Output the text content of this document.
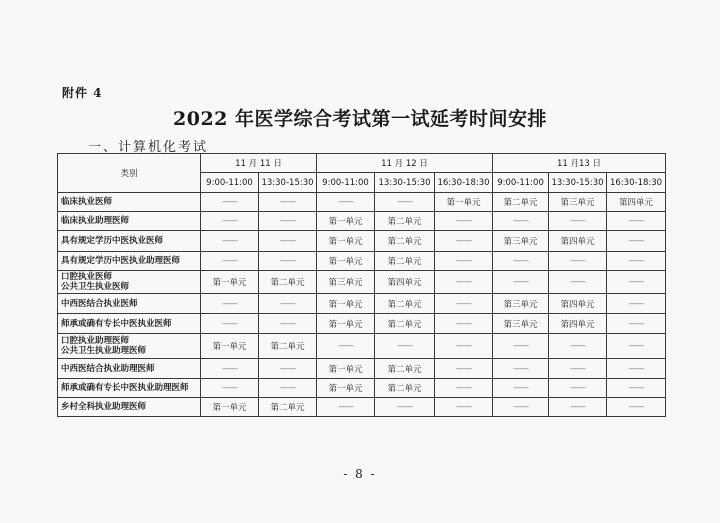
附件 4
2022 年医学综合考试第一试延考时间安排
一、计算机化考试
类别	11 月 11 日		11 月 12 日			11 月13 日		
	9:00-11:00	13:30-15:30	9:00-11:00	13:30-15:30	16:30-18:30	9:00-11:00	13:30-15:30	16:30-18:30

临床执业医师	——	——	——	——	第一单元	第二单元	第三单元	第四单元

临床执业助理医师	——	——	第一单元	第二单元	——	——	——	——

具有规定学历中医执业医师	——	——	第一单元	第二单元	——	第三单元	第四单元	——

具有规定学历中医执业助理医师	——	——	第一单元	第二单元	——	——	——	——

口腔执业医师
公共卫生执业医师	第一单元	第二单元	第三单元	第四单元	——	——	——	——

中西医结合执业医师	——	——	第一单元	第二单元	——	第三单元	第四单元	——

师承或确有专长中医执业医师	——	——	第一单元	第二单元	——	第三单元	第四单元	——

口腔执业助理医师
公共卫生执业助理医师	第一单元	第二单元	——	——	——	——	——	——

中西医结合执业助理医师	——	——	第一单元	第二单元	——	——	——	——

师承或确有专长中医执业助理医师	——	——	第一单元	第二单元	——	——	——	——

乡村全科执业助理医师	第一单元	第二单元	——	——	——	——	——	——
- 8 -
